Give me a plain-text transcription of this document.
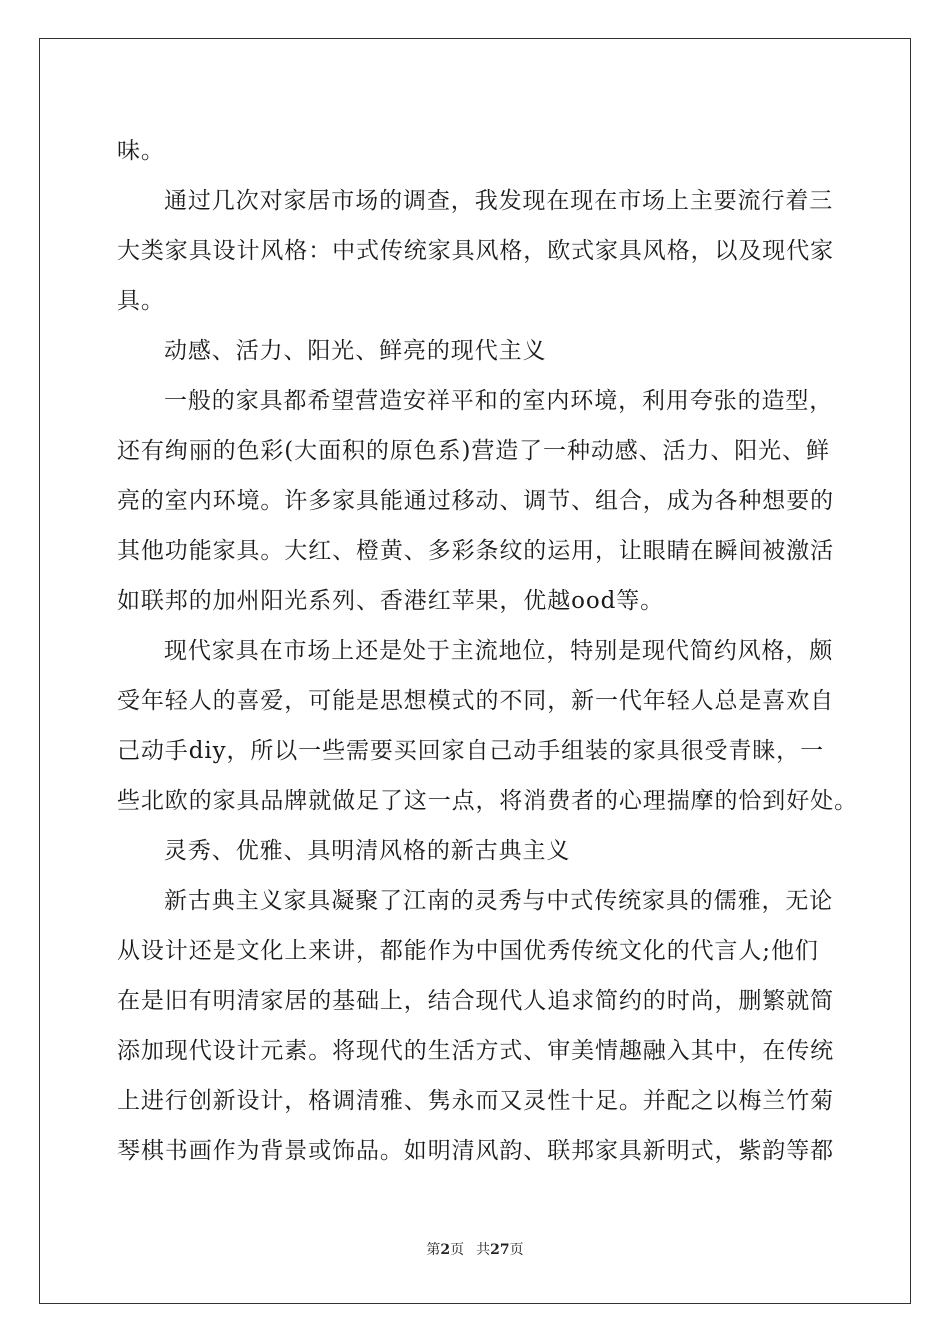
味。
通过几次对家居市场的调查，我发现在现在市场上主要流行着三
大类家具设计风格：中式传统家具风格，欧式家具风格，以及现代家
具。
动感、活力、阳光、鲜亮的现代主义
一般的家具都希望营造安祥平和的室内环境，利用夸张的造型，
还有绚丽的色彩(大面积的原色系)营造了一种动感、活力、阳光、鲜
亮的室内环境。许多家具能通过移动、调节、组合，成为各种想要的
其他功能家具。大红、橙黄、多彩条纹的运用，让眼睛在瞬间被激活
如联邦的加州阳光系列、香港红苹果，优越ood等。
现代家具在市场上还是处于主流地位，特别是现代简约风格，颇
受年轻人的喜爱，可能是思想模式的不同，新一代年轻人总是喜欢自
己动手diy，所以一些需要买回家自己动手组装的家具很受青睐，一
些北欧的家具品牌就做足了这一点，将消费者的心理揣摩的恰到好处。
灵秀、优雅、具明清风格的新古典主义
新古典主义家具凝聚了江南的灵秀与中式传统家具的儒雅，无论
从设计还是文化上来讲，都能作为中国优秀传统文化的代言人;他们
在是旧有明清家居的基础上，结合现代人追求简约的时尚，删繁就简
添加现代设计元素。将现代的生活方式、审美情趣融入其中，在传统
上进行创新设计，格调清雅、隽永而又灵性十足。并配之以梅兰竹菊
琴棋书画作为背景或饰品。如明清风韵、联邦家具新明式，紫韵等都
第2页 共27页
